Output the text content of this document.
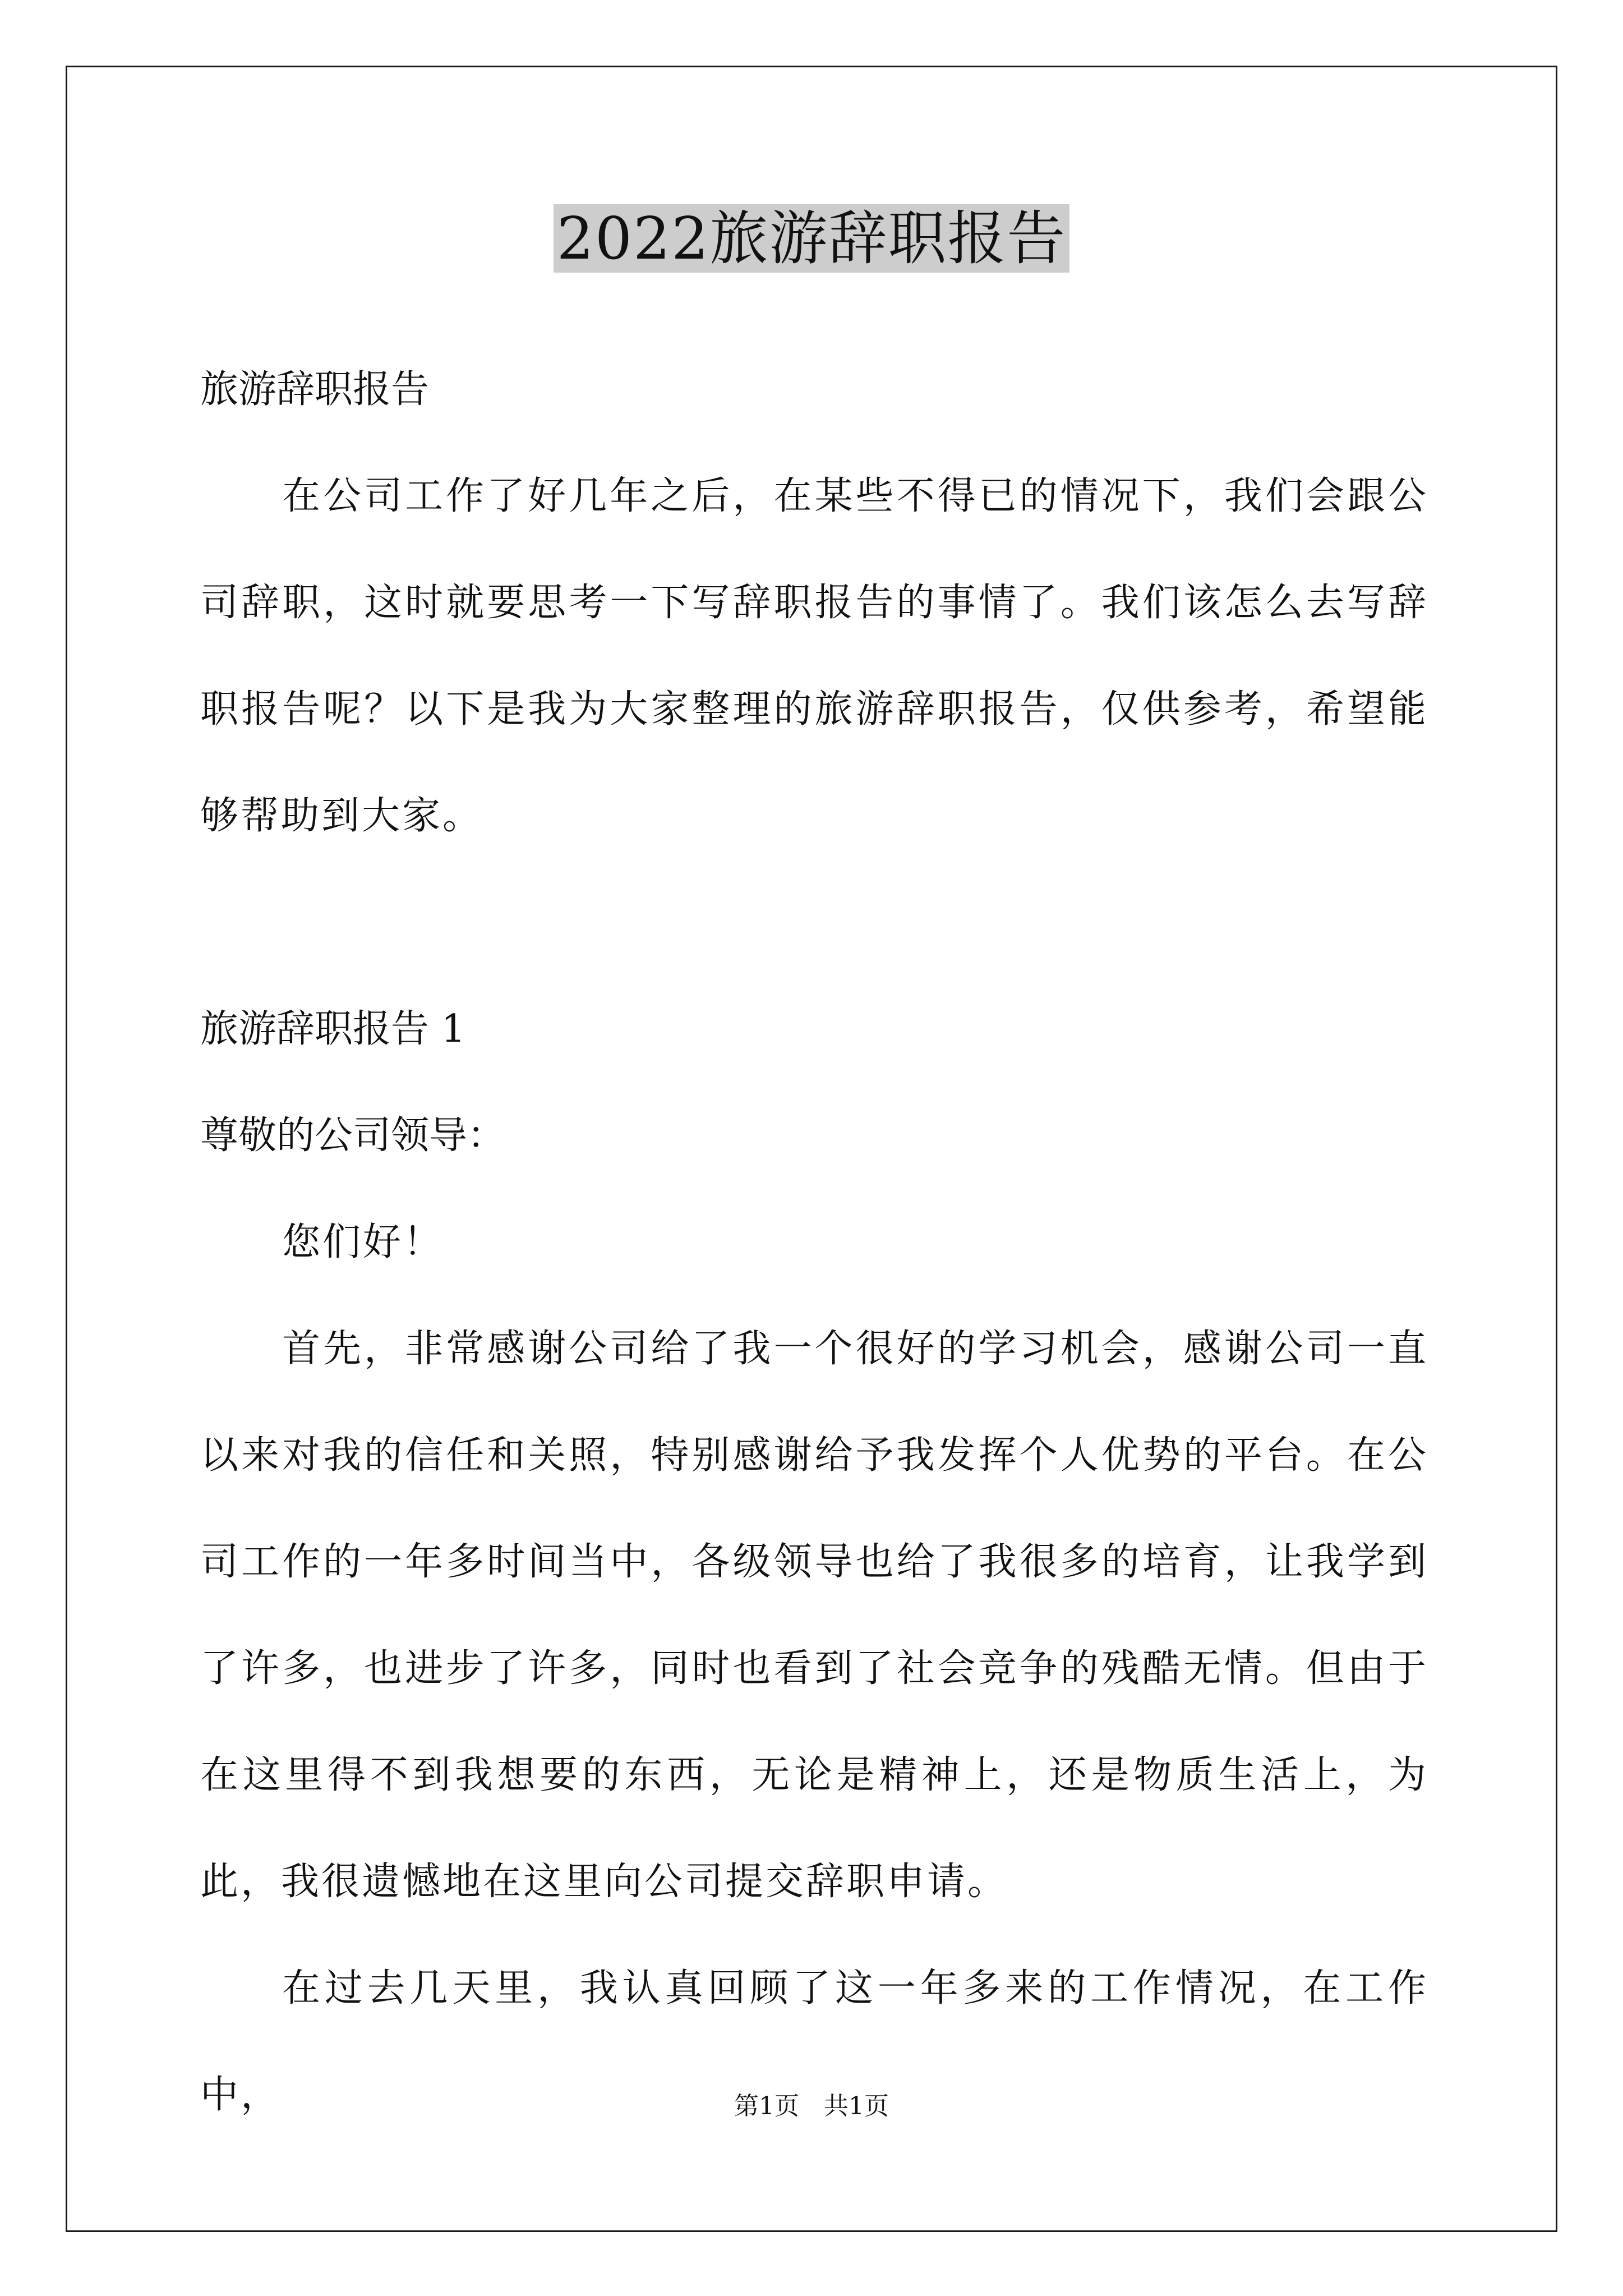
2022旅游辞职报告
旅游辞职报告

在公司工作了好几年之后，在某些不得已的情况下，我们会跟公司辞职，这时就要思考一下写辞职报告的事情了。我们该怎么去写辞职报告呢？以下是我为大家整理的旅游辞职报告，仅供参考，希望能够帮助到大家。

旅游辞职报告 1
尊敬的公司领导：

您们好！

首先，非常感谢公司给了我一个很好的学习机会，感谢公司一直以来对我的信任和关照，特别感谢给予我发挥个人优势的平台。在公司工作的一年多时间当中，各级领导也给了我很多的培育，让我学到了许多，也进步了许多，同时也看到了社会竞争的残酷无情。但由于在这里得不到我想要的东西，无论是精神上，还是物质生活上，为此，我很遗憾地在这里向公司提交辞职申请。

在过去几天里，我认真回顾了这一年多来的工作情况，在工作中，	第1页 共1页
